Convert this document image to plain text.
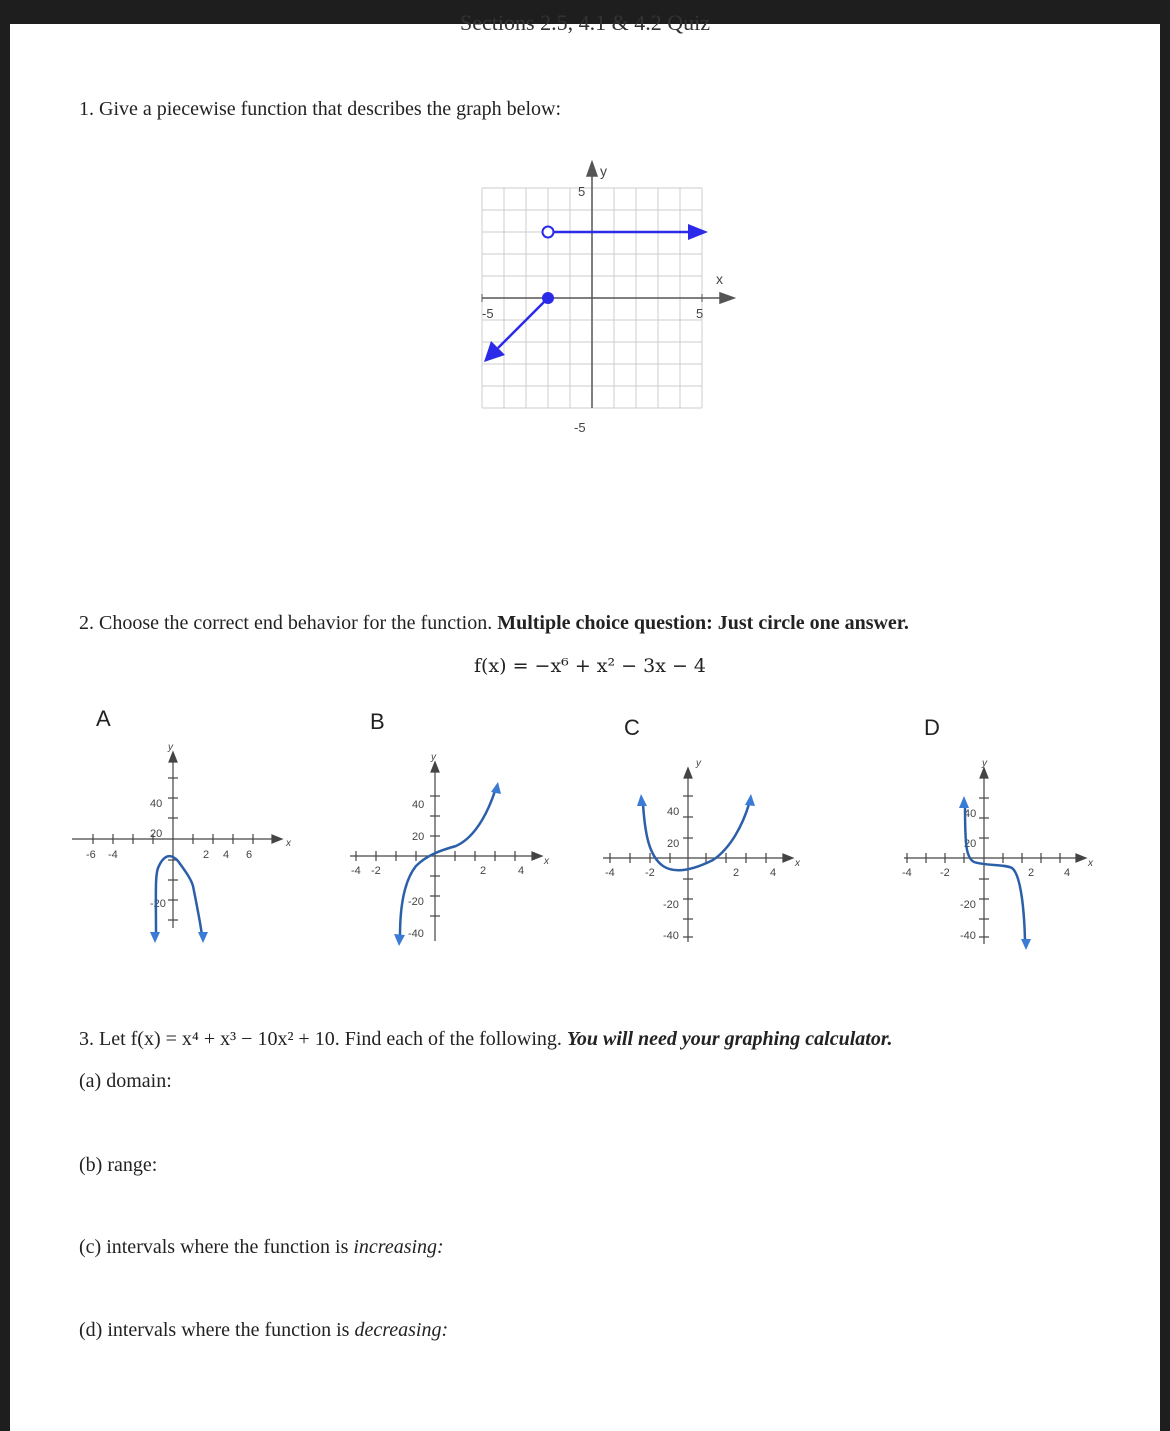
Sections 2.5, 4.1 & 4.2 Quiz
1. Give a piecewise function that describes the graph below:
y
x
5
-5
-5	5
2. Choose the correct end behavior for the function. Multiple choice question: Just circle one answer.
f(x) = −x⁶ + x² − 3x − 4
A	B	C	D
y
x
40
20
-20
-6 -4	2 4 6
y
x
40
20
-20
-40
-4 -2	2	4
y
x
40
20
-20
-40
-4	-2	2	4
y
x
40
20
-20
-40
-4	-2	2	4
3. Let f(x) = x⁴ + x³ − 10x² + 10. Find each of the following. You will need your graphing calculator.
(a) domain:
(b) range:
(c) intervals where the function is increasing:
(d) intervals where the function is decreasing:
